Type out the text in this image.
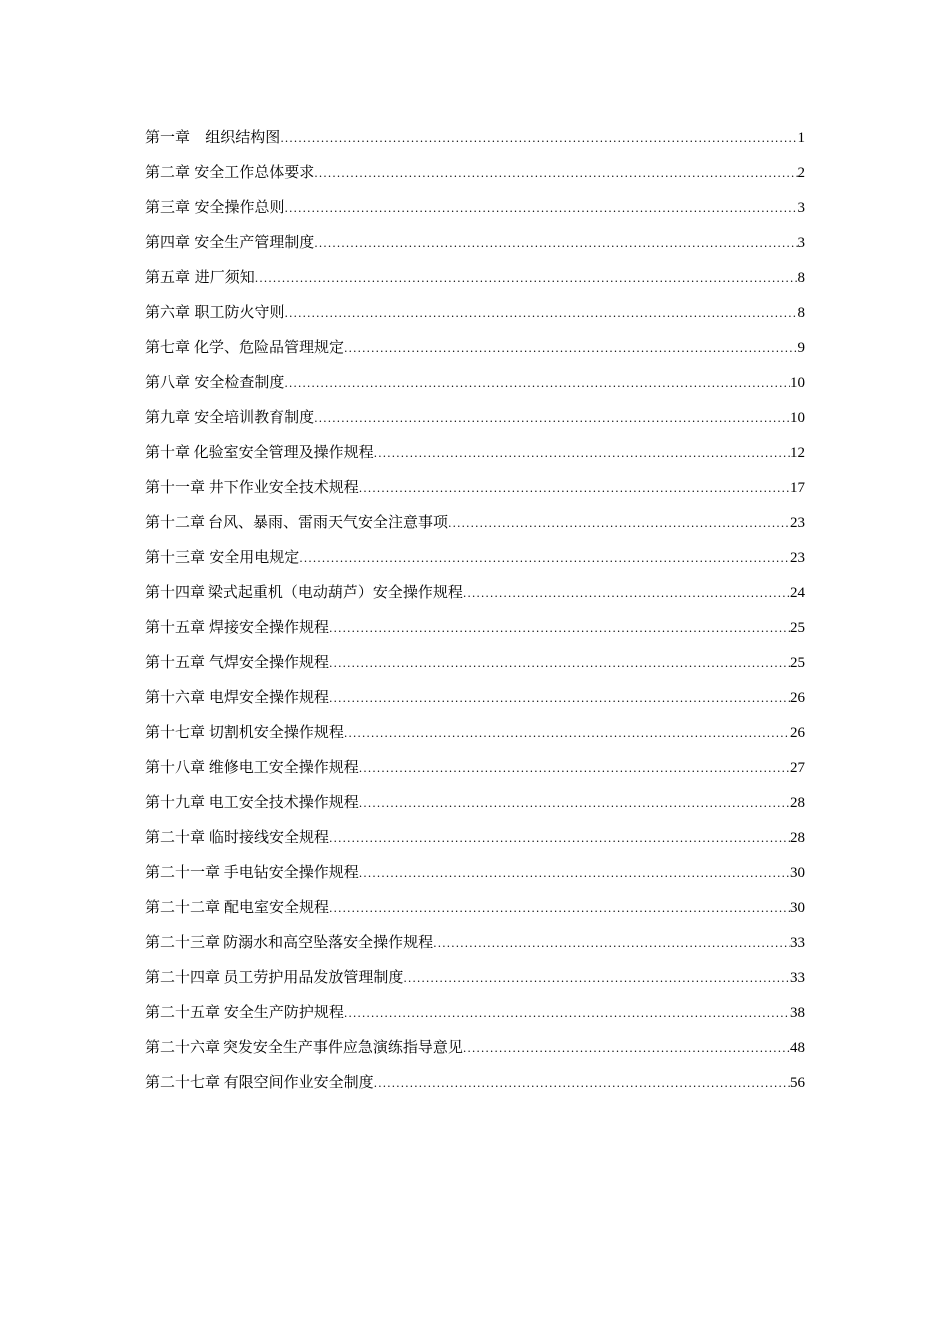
第一章 组织结构图 .....	1
第二章 安全工作总体要求 .....	2
第三章 安全操作总则 .....	3
第四章 安全生产管理制度 .....	3
第五章 进厂须知 .....	8
第六章 职工防火守则 .....	8
第七章 化学、危险品管理规定 .....	9
第八章 安全检查制度 .....	10
第九章 安全培训教育制度 .....	10
第十章 化验室安全管理及操作规程 .....	12
第十一章 井下作业安全技术规程 .....	17
第十二章 台风、暴雨、雷雨天气安全注意事项 .....	23
第十三章 安全用电规定 .....	23
第十四章 梁式起重机（电动葫芦）安全操作规程 .....	24
第十五章 焊接安全操作规程 .....	25
第十五章 气焊安全操作规程 .....	25
第十六章 电焊安全操作规程 .....	26
第十七章 切割机安全操作规程 .....	26
第十八章 维修电工安全操作规程 .....	27
第十九章 电工安全技术操作规程 .....	28
第二十章 临时接线安全规程 .....	28
第二十一章 手电钻安全操作规程 .....	30
第二十二章 配电室安全规程 .....	30
第二十三章 防溺水和高空坠落安全操作规程 .....	33
第二十四章 员工劳护用品发放管理制度 .....	33
第二十五章 安全生产防护规程 .....	38
第二十六章 突发安全生产事件应急演练指导意见 .....	48
第二十七章 有限空间作业安全制度 .....	56
